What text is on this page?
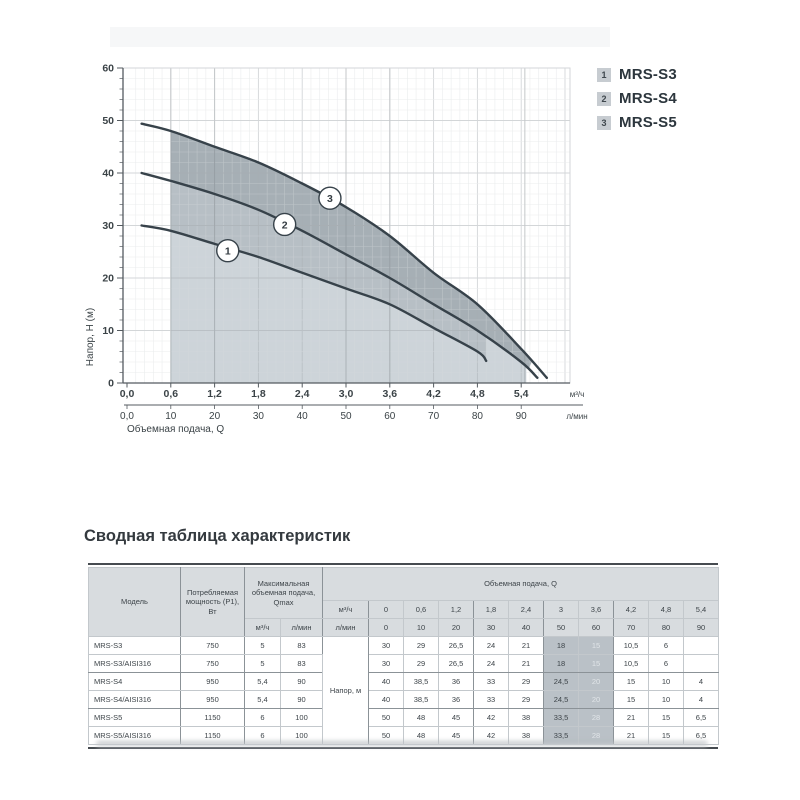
0
10
20
30
40
50
60
0,0	0,6	1,2	1,8	2,4	3,0	3,6	4,2	4,8	5,4	м³/ч
0,0	10	20	30	40	50	60	70	80	90	л/мин
Объемная подача, Q
Напор, Н (м)
1
2
3
1 MRS-S3
2 MRS-S4
3 MRS-S5
Сводная таблица характеристик
Модель	Потребляемая мощность (P1), Вт	Максимальная объемная подача, Qmax		Объемная подача, Q										
				м³/ч	0	0,6	1,2	1,8	2,4	3	3,6	4,2	4,8	5,4
		м³/ч	л/мин	л/мин	0	10	20	30	40	50	60	70	80	90
MRS-S3	750	5	83	Напор, м	30	29	26,5	24	21	18	15	10,5	6	
MRS-S3/AISI316	750	5	83		30	29	26,5	24	21	18	15	10,5	6	
MRS-S4	950	5,4	90		40	38,5	36	33	29	24,5	20	15	10	4
MRS-S4/AISI316	950	5,4	90		40	38,5	36	33	29	24,5	20	15	10	4
MRS-S5	1150	6	100		50	48	45	42	38	33,5	28	21	15	6,5
MRS-S5/AISI316	1150	6	100		50	48	45	42	38	33,5	28	21	15	6,5
